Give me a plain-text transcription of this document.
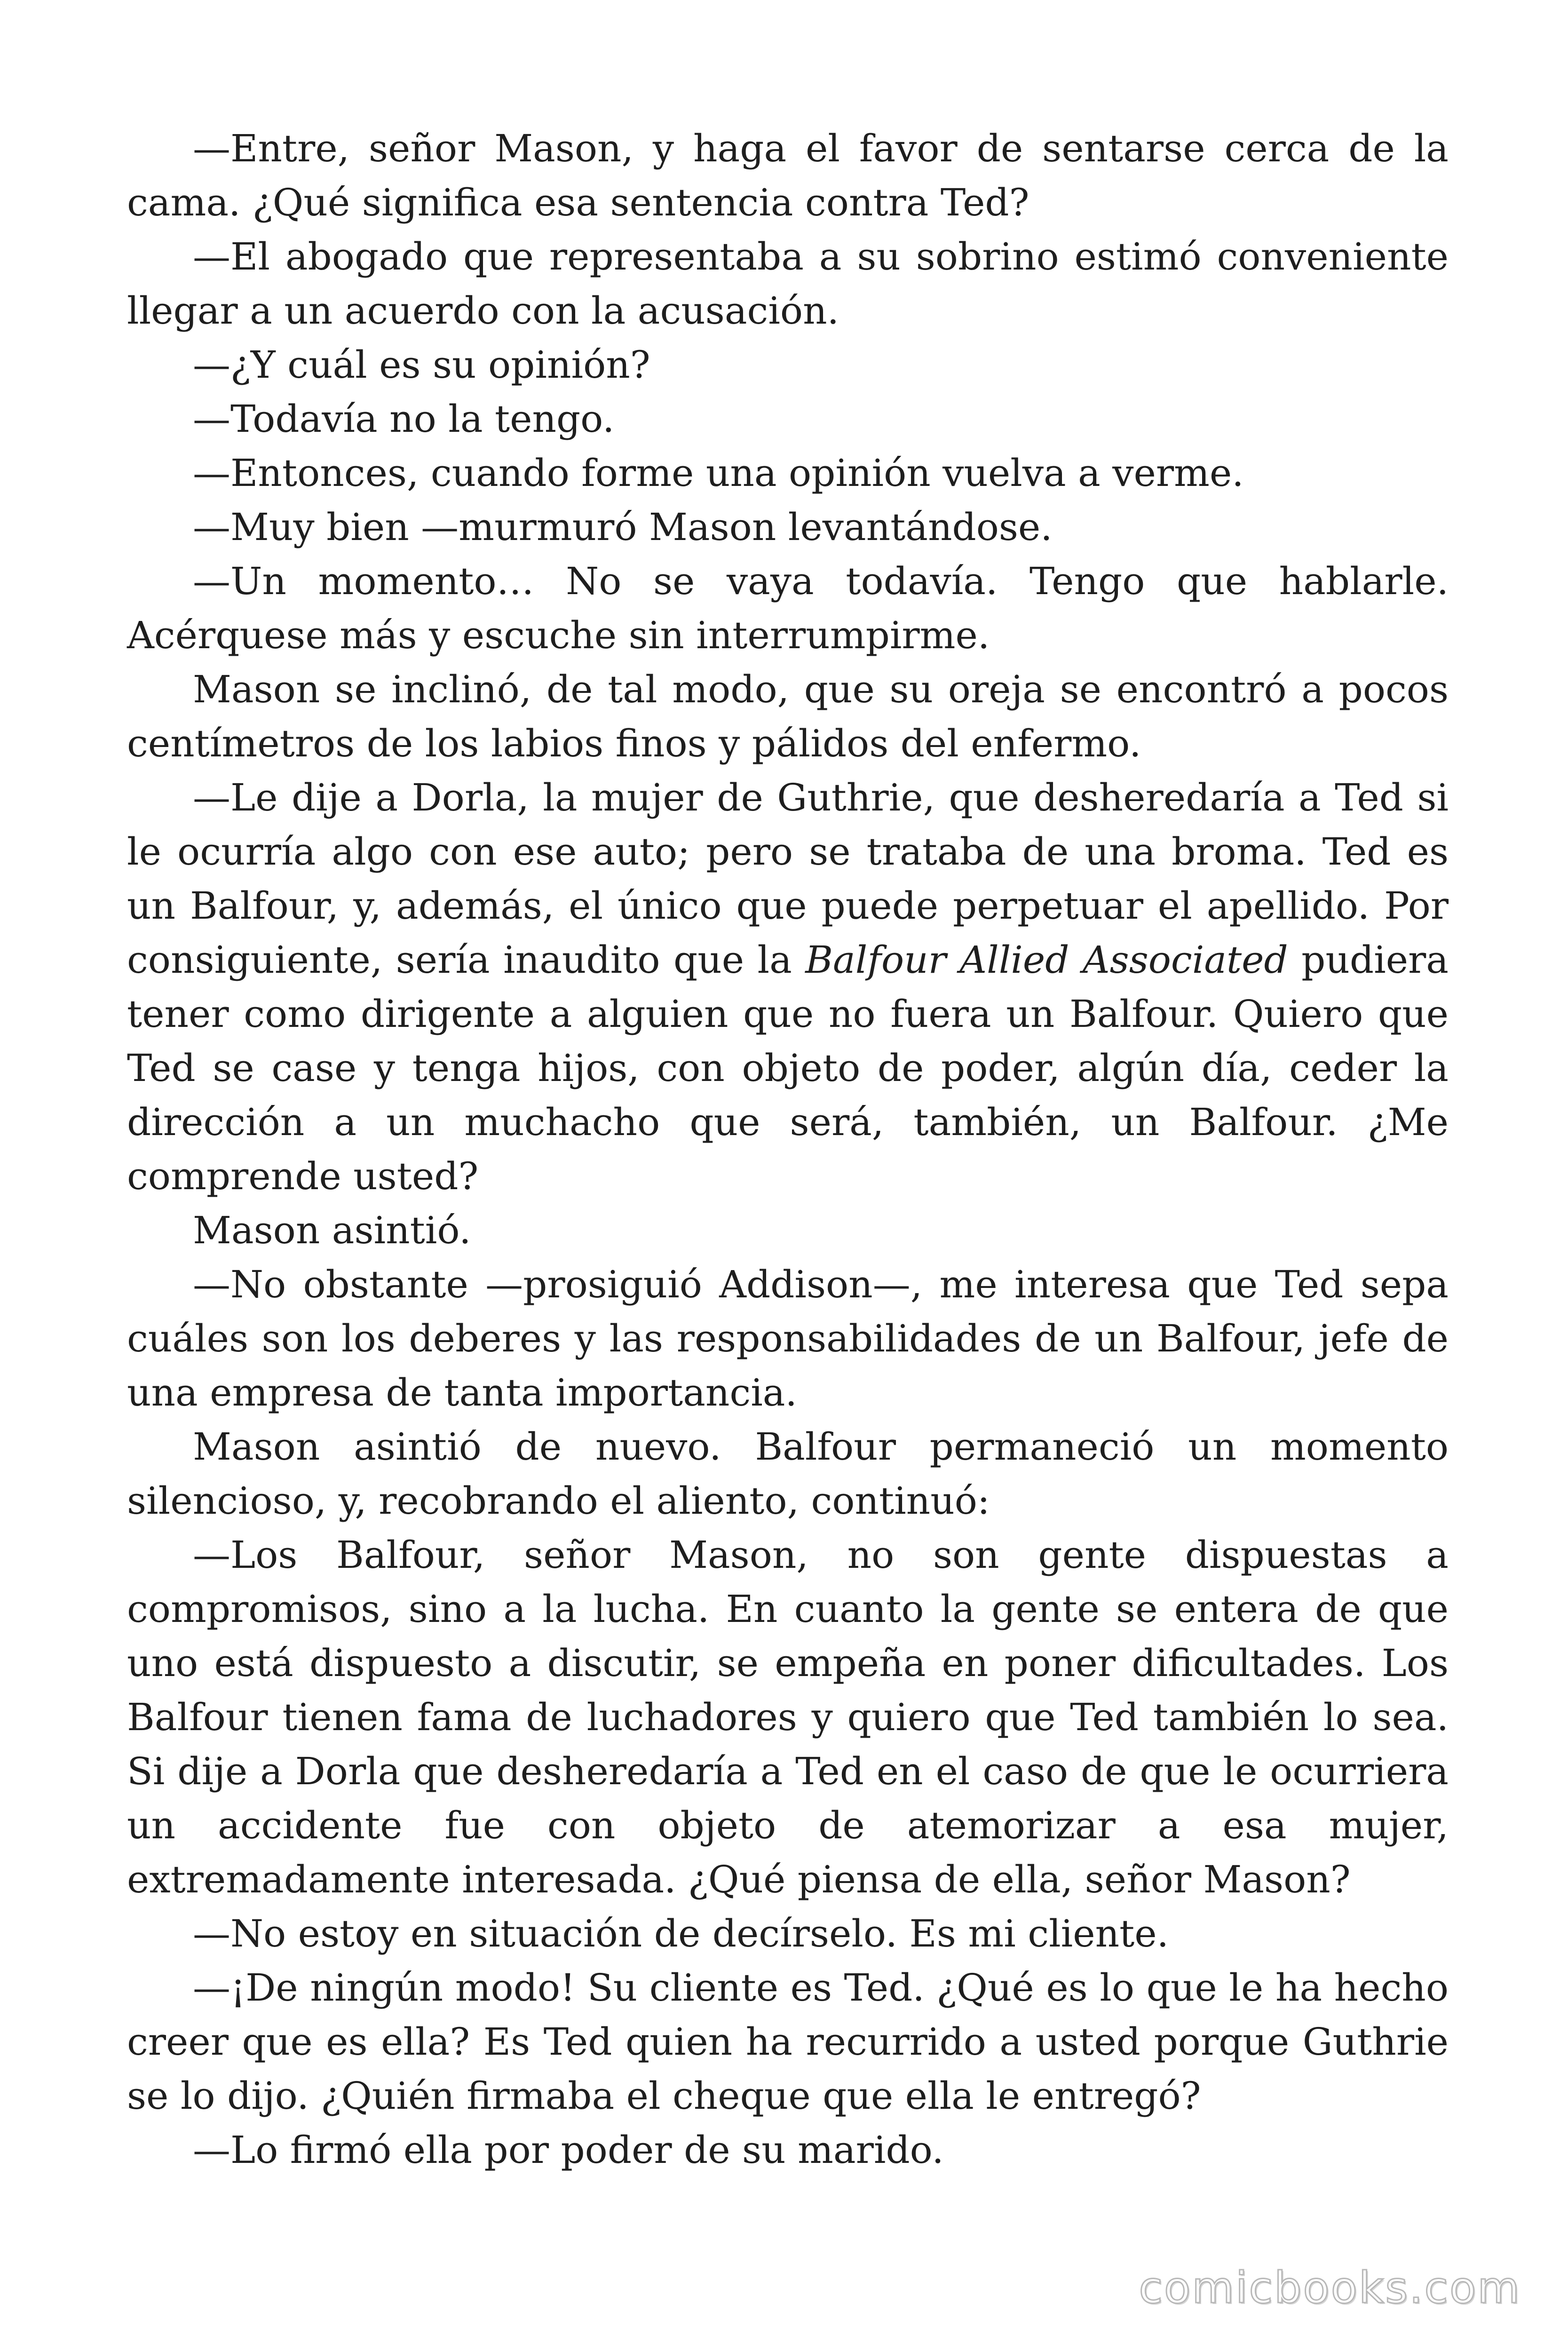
—Entre, señor Mason, y haga el favor de sentarse cerca de la cama. ¿Qué significa esa sentencia contra Ted?

—El abogado que representaba a su sobrino estimó conveniente llegar a un acuerdo con la acusación.

—¿Y cuál es su opinión?

—Todavía no la tengo.

—Entonces, cuando forme una opinión vuelva a verme.

—Muy bien —murmuró Mason levantándose.

—Un momento… No se vaya todavía. Tengo que hablarle. Acérquese más y escuche sin interrumpirme.

Mason se inclinó, de tal modo, que su oreja se encontró a pocos centímetros de los labios finos y pálidos del enfermo.

—Le dije a Dorla, la mujer de Guthrie, que desheredaría a Ted si le ocurría algo con ese auto; pero se trataba de una broma. Ted es un Balfour, y, además, el único que puede perpetuar el apellido. Por consiguiente, sería inaudito que la Balfour Allied Associated pudiera tener como dirigente a alguien que no fuera un Balfour. Quiero que Ted se case y tenga hijos, con objeto de poder, algún día, ceder la dirección a un muchacho que será, también, un Balfour. ¿Me comprende usted?

Mason asintió.

—No obstante —prosiguió Addison—, me interesa que Ted sepa cuáles son los deberes y las responsabilidades de un Balfour, jefe de una empresa de tanta importancia.

Mason asintió de nuevo. Balfour permaneció un momento silencioso, y, recobrando el aliento, continuó:

—Los Balfour, señor Mason, no son gente dispuestas a compromisos, sino a la lucha. En cuanto la gente se entera de que uno está dispuesto a discutir, se empeña en poner dificultades. Los Balfour tienen fama de luchadores y quiero que Ted también lo sea. Si dije a Dorla que desheredaría a Ted en el caso de que le ocurriera un accidente fue con objeto de atemorizar a esa mujer, extremadamente interesada. ¿Qué piensa de ella, señor Mason?

—No estoy en situación de decírselo. Es mi cliente.

—¡De ningún modo! Su cliente es Ted. ¿Qué es lo que le ha hecho creer que es ella? Es Ted quien ha recurrido a usted porque Guthrie se lo dijo. ¿Quién firmaba el cheque que ella le entregó?

—Lo firmó ella por poder de su marido.

comicbooks.com
